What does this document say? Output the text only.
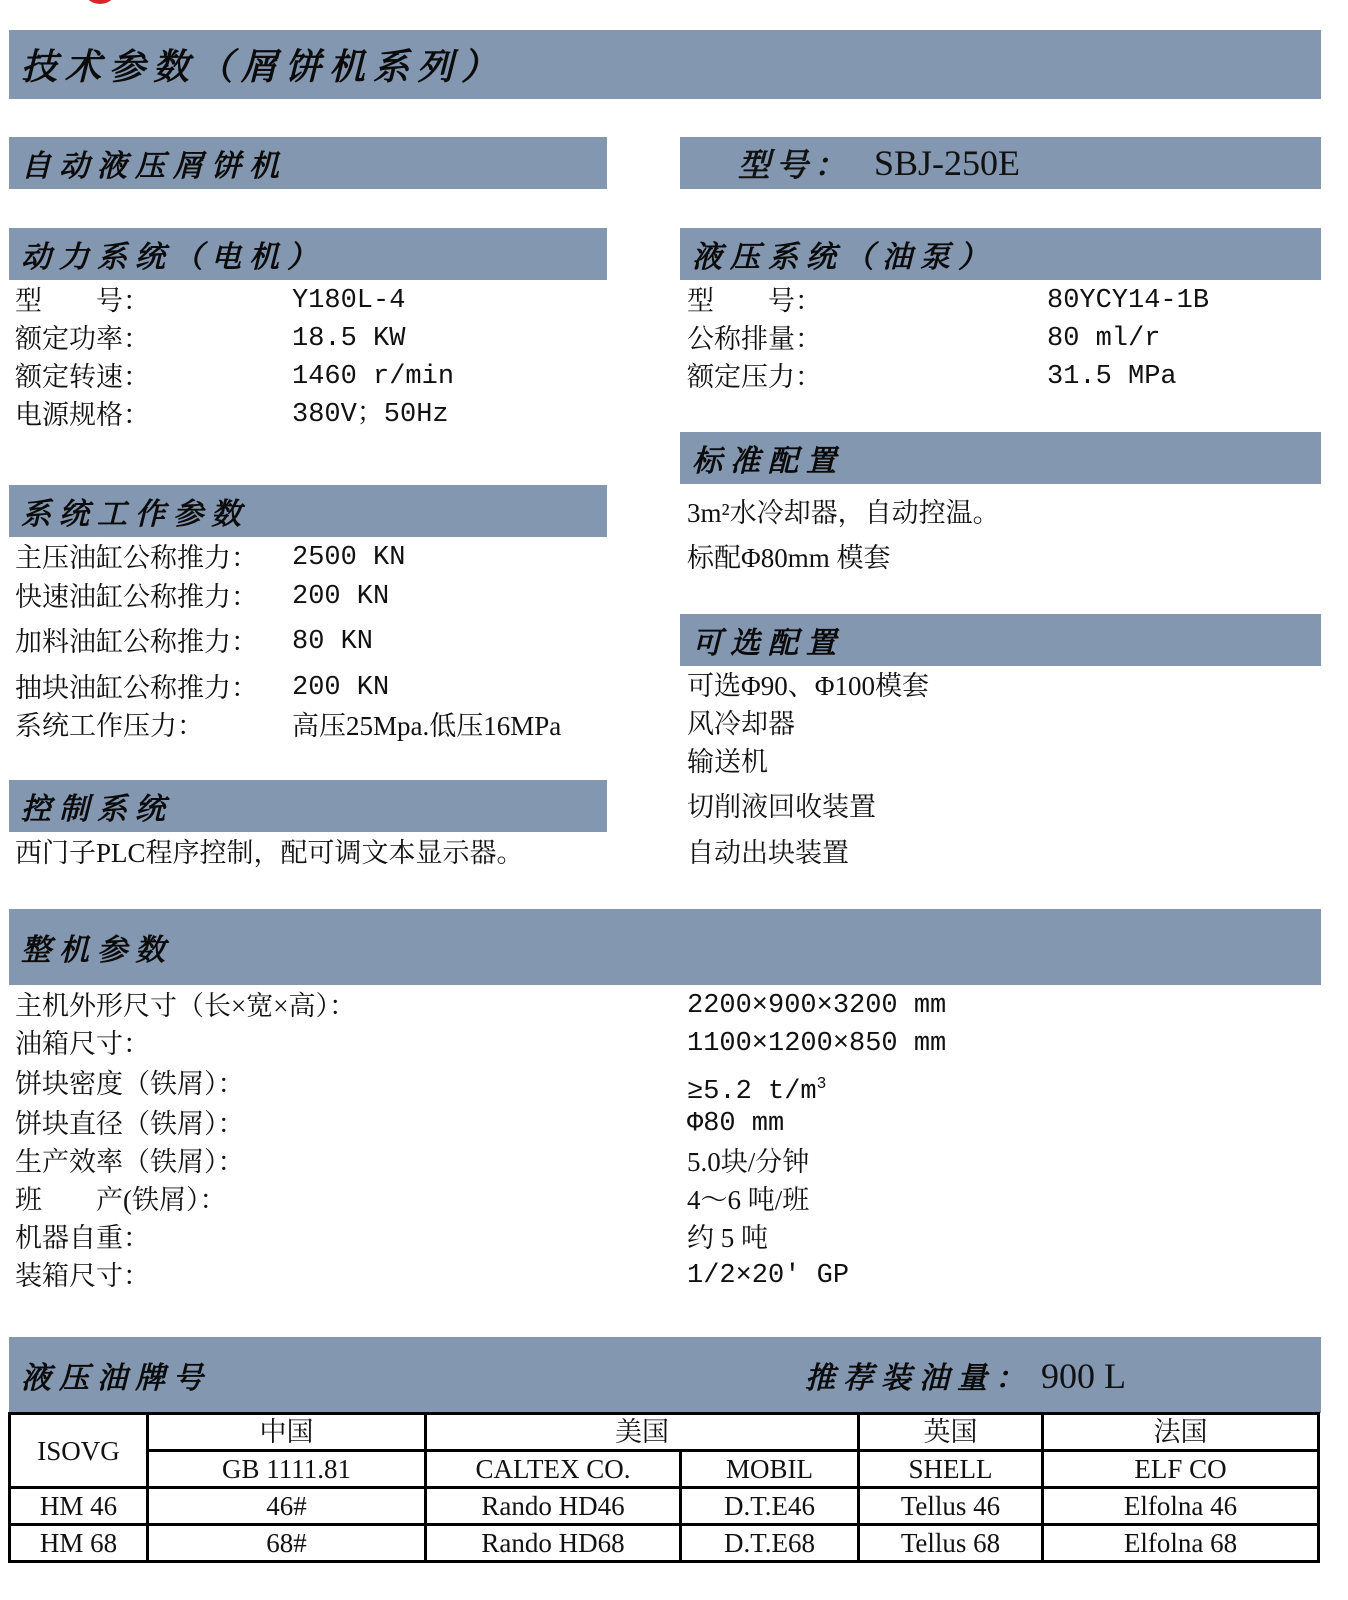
技术参数（屑饼机系列）
自动液压屑饼机	型号： SBJ-250E
动力系统（电机）
型　　号：	Y180L-4
额定功率：	18.5 KW
额定转速：	1460 r/min
电源规格：	380V；50Hz
液压系统（油泵）
型　　号：	80YCY14-1B
公称排量：	80 ml/r
额定压力：	31.5 MPa
标准配置
3m²水冷却器，自动控温。
标配Φ80mm 模套
系统工作参数
主压油缸公称推力： 2500 KN
快速油缸公称推力： 200 KN
加料油缸公称推力： 80 KN
抽块油缸公称推力： 200 KN
系统工作压力：	高压25Mpa.低压16MPa
可选配置
可选Φ90、Φ100模套
风冷却器
输送机
切削液回收装置
自动出块装置
控制系统
西门子PLC程序控制，配可调文本显示器。
整机参数
主机外形尺寸（长×宽×高）：	2200×900×3200 mm
油箱尺寸：	1100×1200×850 mm
饼块密度（铁屑）：	≥5.2 $t/m^3$
饼块直径（铁屑）：	Φ80 mm
生产效率（铁屑）：	5.0块/分钟
班　　产(铁屑）：	4～6 吨/班
机器自重：	约 5 吨
装箱尺寸：	1/2×20′ GP
液压油牌号	推荐装油量： 900 L
ISOVG	中国	美国		英国	法国
	GB 1111.81	CALTEX CO.	MOBIL	SHELL	ELF CO
HM 46	46#	Rando HD46	D.T.E46	Tellus 46	Elfolna 46
HM 68	68#	Rando HD68	D.T.E68	Tellus 68	Elfolna 68
